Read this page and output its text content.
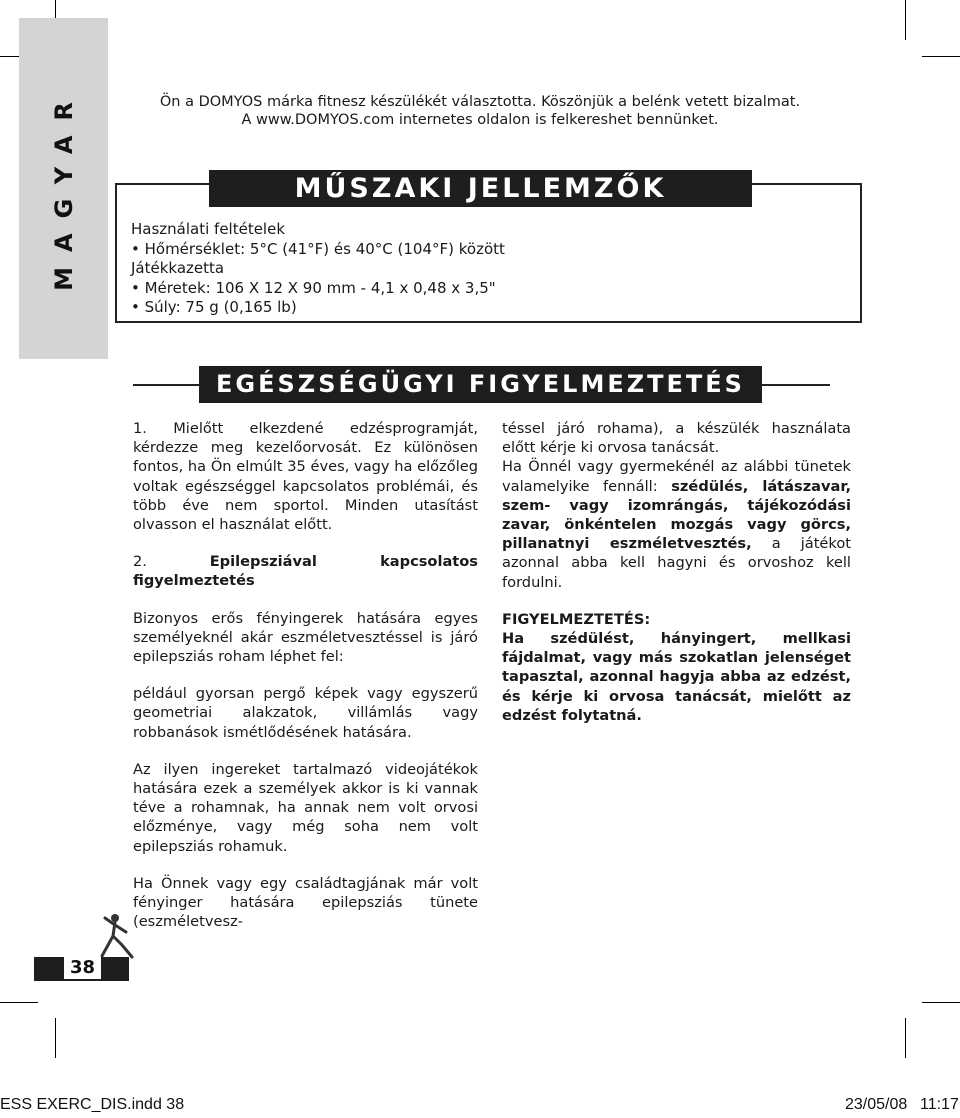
MAGYAR	Ön a DOMYOS márka fitnesz készülékét választotta. Köszönjük a belénk vetett bizalmat.
A www.DOMYOS.com internetes oldalon is felkereshet bennünket.
MŰSZAKI JELLEMZŐK
Használati feltételek
• Hőmérséklet: 5°C (41°F) és 40°C (104°F) között
Játékkazetta
• Méretek: 106 X 12 X 90 mm - 4,1 x 0,48 x 3,5"
• Súly: 75 g (0,165 lb)
EGÉSZSÉGÜGYI FIGYELMEZTETÉS

1. Mielőtt elkezdené edzésprogramját, kérdezze meg kezelőorvosát. Ez különösen fontos, ha Ön elmúlt 35 éves, vagy ha előzőleg voltak egészséggel kapcsolatos problémái, és több éve nem sportol. Minden utasítást olvasson el használat előtt.

2. Epilepsziával kapcsolatos figyelmeztetés

Bizonyos erős fényingerek hatására egyes személyeknél akár eszméletvesztéssel is járó epilepsziás roham léphet fel:

például gyorsan pergő képek vagy egyszerű geometriai alakzatok, villámlás vagy robbanások ismétlődésének hatására.

Az ilyen ingereket tartalmazó videojátékok hatására ezek a személyek akkor is ki vannak téve a rohamnak, ha annak nem volt orvosi előzménye, vagy még soha nem volt epilepsziás rohamuk.

Ha Önnek vagy egy családtagjának már volt fényinger hatására epilepsziás tünete (eszméletvesz-

téssel járó rohama), a készülék használata előtt kérje ki orvosa tanácsát.

Ha Önnél vagy gyermekénél az alábbi tünetek valamelyike fennáll: szédülés, látászavar, szem- vagy izomrángás, tájékozódási zavar, önkéntelen mozgás vagy görcs, pillanatnyi eszméletvesztés, a játékot azonnal abba kell hagyni és orvoshoz kell fordulni.

FIGYELMEZTETÉS:

Ha szédülést, hányingert, mellkasi fájdalmat, vagy más szokatlan jelenséget tapasztal, azonnal hagyja abba az edzést, és kérje ki orvosa tanácsát, mielőtt az edzést folytatná.

38
ESS EXERC_DIS.indd 38	23/05/08 11:17
